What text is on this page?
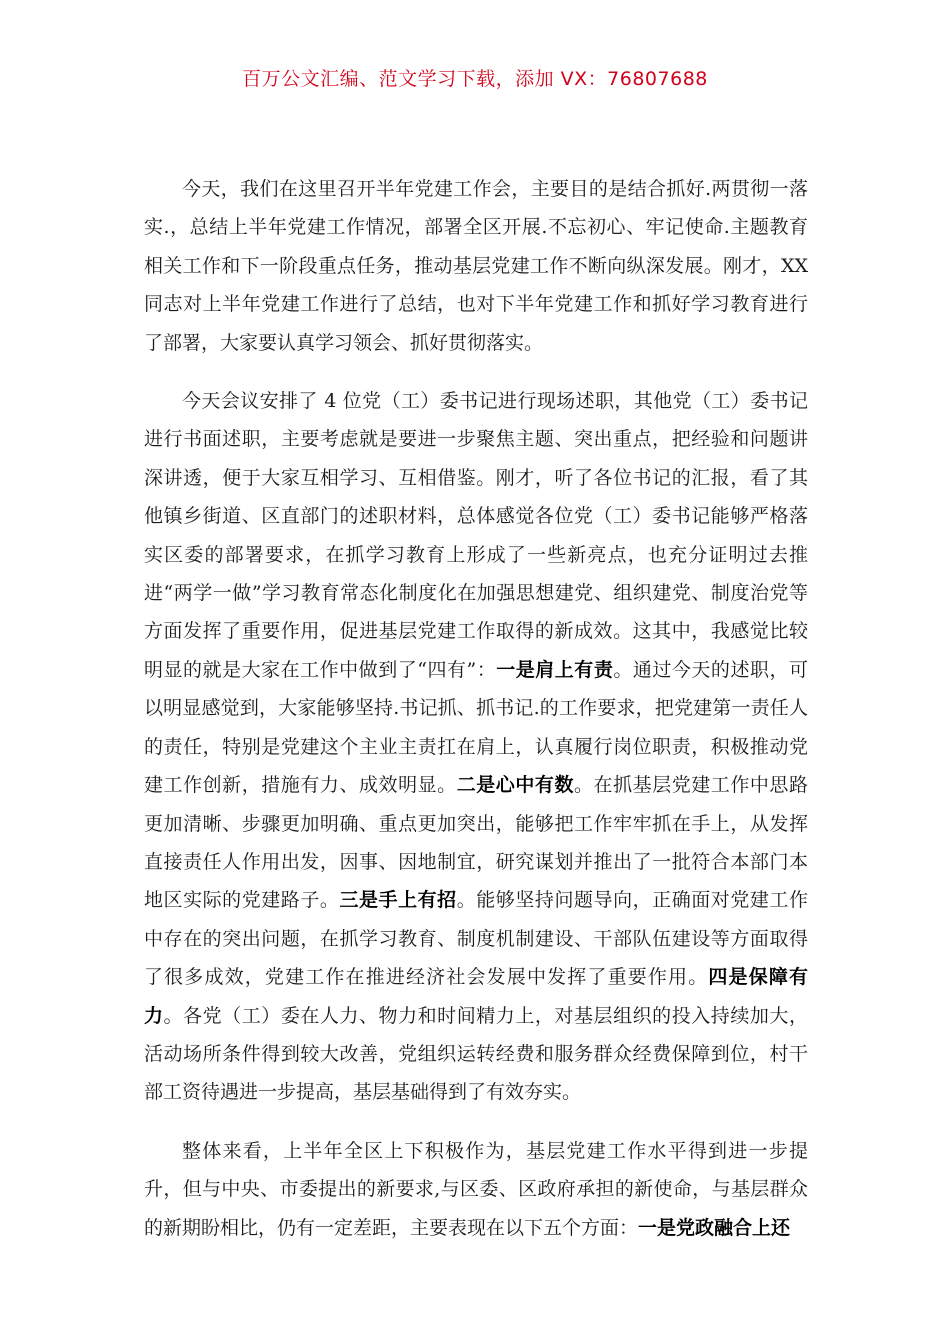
百万公文汇编、范文学习下载，添加 VX：76807688

今天，我们在这里召开半年党建工作会，主要目的是结合抓好.两贯彻一落实.，总结上半年党建工作情况，部署全区开展.不忘初心、牢记使命.主题教育相关工作和下一阶段重点任务，推动基层党建工作不断向纵深发展。刚才，XX同志对上半年党建工作进行了总结，也对下半年党建工作和抓好学习教育进行了部署，大家要认真学习领会、抓好贯彻落实。

今天会议安排了 4 位党（工）委书记进行现场述职，其他党（工）委书记进行书面述职，主要考虑就是要进一步聚焦主题、突出重点，把经验和问题讲深讲透，便于大家互相学习、互相借鉴。刚才，听了各位书记的汇报，看了其他镇乡街道、区直部门的述职材料，总体感觉各位党（工）委书记能够严格落实区委的部署要求，在抓学习教育上形成了一些新亮点，也充分证明过去推进“两学一做”学习教育常态化制度化在加强思想建党、组织建党、制度治党等方面发挥了重要作用，促进基层党建工作取得的新成效。这其中，我感觉比较明显的就是大家在工作中做到了“四有”：一是肩上有责。通过今天的述职，可以明显感觉到，大家能够坚持.书记抓、抓书记.的工作要求，把党建第一责任人的责任，特别是党建这个主业主责扛在肩上，认真履行岗位职责，积极推动党建工作创新，措施有力、成效明显。二是心中有数。在抓基层党建工作中思路更加清晰、步骤更加明确、重点更加突出，能够把工作牢牢抓在手上，从发挥直接责任人作用出发，因事、因地制宜，研究谋划并推出了一批符合本部门本地区实际的党建路子。三是手上有招。能够坚持问题导向，正确面对党建工作中存在的突出问题，在抓学习教育、制度机制建设、干部队伍建设等方面取得了很多成效，党建工作在推进经济社会发展中发挥了重要作用。四是保障有力。各党（工）委在人力、物力和时间精力上，对基层组织的投入持续加大，活动场所条件得到较大改善，党组织运转经费和服务群众经费保障到位，村干部工资待遇进一步提高，基层基础得到了有效夯实。

整体来看，上半年全区上下积极作为，基层党建工作水平得到进一步提升，但与中央、市委提出的新要求,与区委、区政府承担的新使命，与基层群众的新期盼相比，仍有一定差距，主要表现在以下五个方面：一是党政融合上还
